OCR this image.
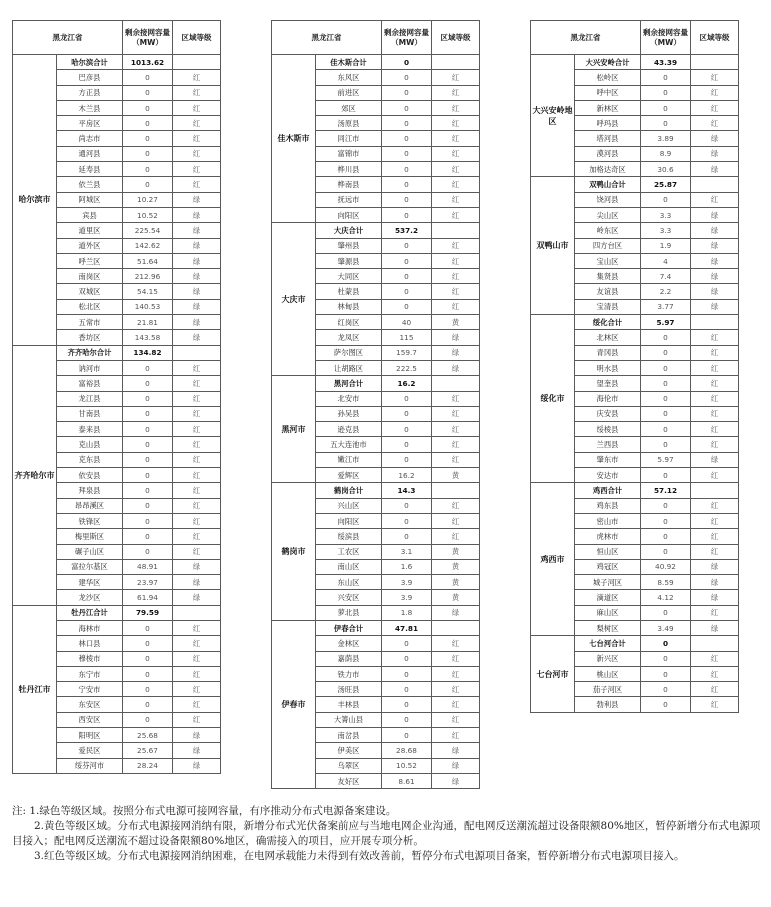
黑龙江省		剩余接网容量（MW）	区域等级
哈尔滨市	哈尔滨合计	1013.62	
	巴彦县	0	红
	方正县	0	红
	木兰县	0	红
	平房区	0	红
	尚志市	0	红
	通河县	0	红
	延寿县	0	红
	依兰县	0	红
	阿城区	10.27	绿
	宾县	10.52	绿
	道里区	225.54	绿
	道外区	142.62	绿
	呼兰区	51.64	绿
	南岗区	212.96	绿
	双城区	54.15	绿
	松北区	140.53	绿
	五常市	21.81	绿
	香坊区	143.58	绿
齐齐哈尔市	齐齐哈尔合计	134.82	
	讷河市	0	红
	富裕县	0	红
	龙江县	0	红
	甘南县	0	红
	泰来县	0	红
	克山县	0	红
	克东县	0	红
	依安县	0	红
	拜泉县	0	红
	昂昂溪区	0	红
	铁锋区	0	红
	梅里斯区	0	红
	碾子山区	0	红
	富拉尔基区	48.91	绿
	建华区	23.97	绿
	龙沙区	61.94	绿
牡丹江市	牡丹江合计	79.59	
	海林市	0	红
	林口县	0	红
	穆棱市	0	红
	东宁市	0	红
	宁安市	0	红
	东安区	0	红
	西安区	0	红
	阳明区	25.68	绿
	爱民区	25.67	绿
	绥芬河市	28.24	绿
黑龙江省		剩余接网容量（MW）	区域等级
佳木斯市	佳木斯合计	0	
	东风区	0	红
	前进区	0	红
	郊区	0	红
	汤原县	0	红
	同江市	0	红
	富锦市	0	红
	桦川县	0	红
	桦南县	0	红
	抚远市	0	红
	向阳区	0	红
大庆市	大庆合计	537.2	
	肇州县	0	红
	肇源县	0	红
	大同区	0	红
	杜蒙县	0	红
	林甸县	0	红
	红岗区	40	黄
	龙凤区	115	绿
	萨尔图区	159.7	绿
	让胡路区	222.5	绿
黑河市	黑河合计	16.2	
	北安市	0	红
	孙吴县	0	红
	逊克县	0	红
	五大连池市	0	红
	嫩江市	0	红
	爱辉区	16.2	黄
鹤岗市	鹤岗合计	14.3	
	兴山区	0	红
	向阳区	0	红
	绥滨县	0	红
	工农区	3.1	黄
	南山区	1.6	黄
	东山区	3.9	黄
	兴安区	3.9	黄
	萝北县	1.8	绿
伊春市	伊春合计	47.81	
	金林区	0	红
	嘉荫县	0	红
	铁力市	0	红
	汤旺县	0	红
	丰林县	0	红
	大箐山县	0	红
	南岔县	0	红
	伊美区	28.68	绿
	乌翠区	10.52	绿
	友好区	8.61	绿
黑龙江省		剩余接网容量（MW）	区域等级
大兴安岭地区	大兴安岭合计	43.39	
	松岭区	0	红
	呼中区	0	红
	新林区	0	红
	呼玛县	0	红
	塔河县	3.89	绿
	漠河县	8.9	绿
	加格达奇区	30.6	绿
双鸭山市	双鸭山合计	25.87	
	饶河县	0	红
	尖山区	3.3	绿
	岭东区	3.3	绿
	四方台区	1.9	绿
	宝山区	4	绿
	集贤县	7.4	绿
	友谊县	2.2	绿
	宝清县	3.77	绿
绥化市	绥化合计	5.97	
	北林区	0	红
	青冈县	0	红
	明水县	0	红
	望奎县	0	红
	海伦市	0	红
	庆安县	0	红
	绥棱县	0	红
	兰西县	0	红
	肇东市	5.97	绿
	安达市	0	红
鸡西市	鸡西合计	57.12	
	鸡东县	0	红
	密山市	0	红
	虎林市	0	红
	恒山区	0	红
	鸡冠区	40.92	绿
	城子河区	8.59	绿
	滴道区	4.12	绿
	麻山区	0	红
	梨树区	3.49	绿
七台河市	七台河合计	0	
	新兴区	0	红
	桃山区	0	红
	茄子河区	0	红
	勃利县	0	红

注: 1.绿色等级区域。按照分布式电源可接网容量，有序推动分布式电源备案建设。

2.黄色等级区域。分布式电源接网消纳有限，新增分布式光伏备案前应与当地电网企业沟通，配电网反送潮流超过设备限额80%地区，暂停新增分布式电源项目接入；配电网反送潮流不超过设备限额80%地区，确需接入的项目，应开展专项分析。

3.红色等级区域。分布式电源接网消纳困难，在电网承载能力未得到有效改善前，暂停分布式电源项目备案，暂停新增分布式电源项目接入。
